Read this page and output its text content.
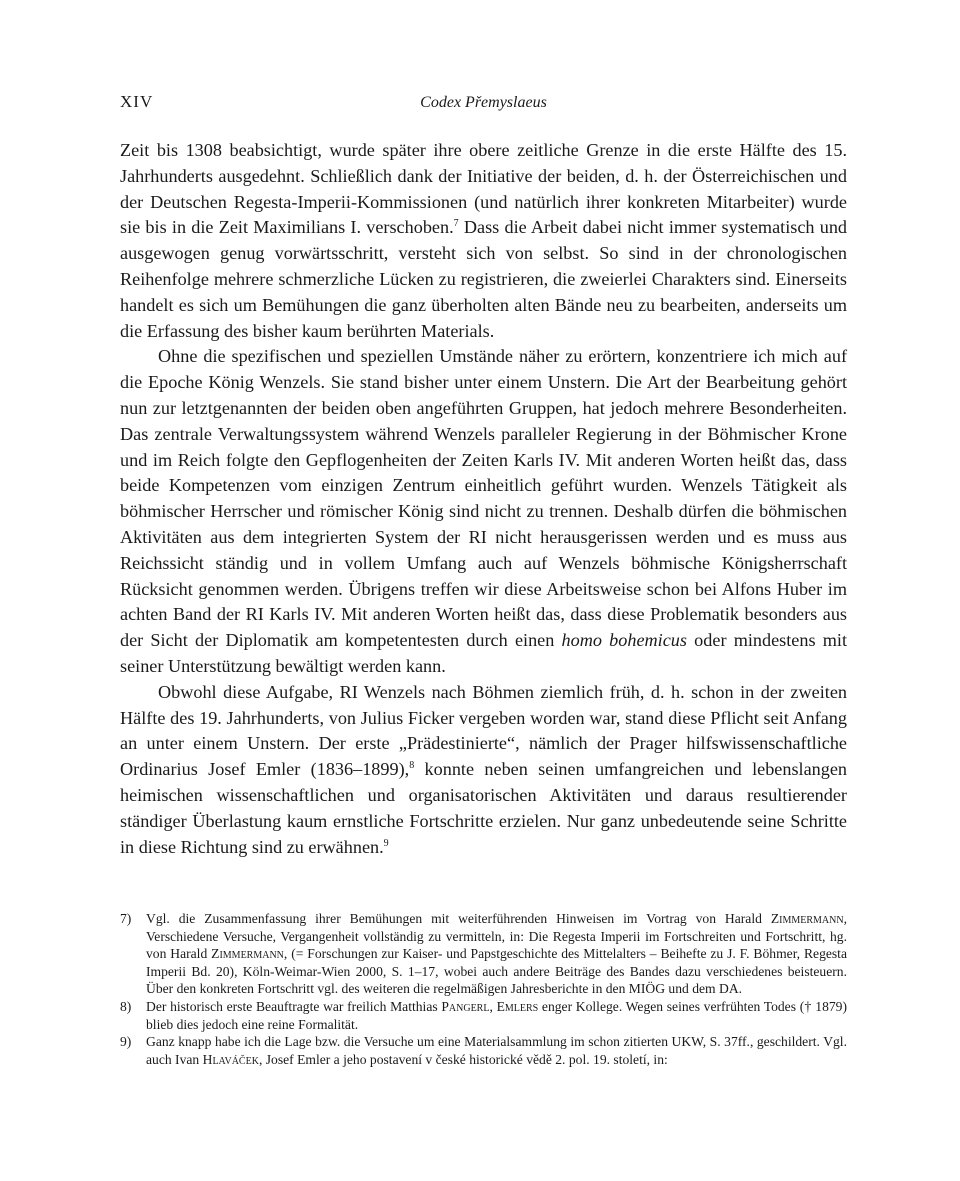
XIV	Codex Přemyslaeus

Zeit bis 1308 beabsichtigt, wurde später ihre obere zeitliche Grenze in die erste Hälfte des 15. Jahrhunderts ausgedehnt. Schließlich dank der Initiative der beiden, d. h. der Österreichischen und der Deutschen Regesta-Imperii-Kommissionen (und natürlich ihrer konkreten Mitarbeiter) wurde sie bis in die Zeit Maximilians I. verschoben.$^7$ Dass die Arbeit dabei nicht immer systematisch und ausgewogen genug vorwärtsschritt, versteht sich von selbst. So sind in der chronologischen Reihenfolge mehrere schmerzliche Lücken zu registrieren, die zweierlei Charakters sind. Einerseits handelt es sich um Bemühungen die ganz überholten alten Bände neu zu bearbeiten, anderseits um die Erfassung des bisher kaum berührten Materials.

Ohne die spezifischen und speziellen Umstände näher zu erörtern, konzentriere ich mich auf die Epoche König Wenzels. Sie stand bisher unter einem Unstern. Die Art der Bearbeitung gehört nun zur letztgenannten der beiden oben angeführten Gruppen, hat jedoch mehrere Besonderheiten. Das zentrale Verwaltungssystem während Wenzels paralleler Regierung in der Böhmischer Krone und im Reich folgte den Gepflogenheiten der Zeiten Karls IV. Mit anderen Worten heißt das, dass beide Kompetenzen vom einzigen Zentrum einheitlich geführt wurden. Wenzels Tätigkeit als böhmischer Herrscher und römischer König sind nicht zu trennen. Deshalb dürfen die böhmischen Aktivitäten aus dem integrierten System der RI nicht herausgerissen werden und es muss aus Reichssicht ständig und in vollem Umfang auch auf Wenzels böhmische Königsherrschaft Rücksicht genommen werden. Übrigens treffen wir diese Arbeitsweise schon bei Alfons Huber im achten Band der RI Karls IV. Mit anderen Worten heißt das, dass diese Problematik besonders aus der Sicht der Diplomatik am kompetentesten durch einen homo bohemicus oder mindestens mit seiner Unterstützung bewältigt werden kann.

Obwohl diese Aufgabe, RI Wenzels nach Böhmen ziemlich früh, d. h. schon in der zweiten Hälfte des 19. Jahrhunderts, von Julius Ficker vergeben worden war, stand diese Pflicht seit Anfang an unter einem Unstern. Der erste „Prädestinierte“, nämlich der Prager hilfswissenschaftliche Ordinarius Josef Emler (1836–1899),$^8$ konnte neben seinen umfangreichen und lebenslangen heimischen wissenschaftlichen und organisatorischen Aktivitäten und daraus resultierender ständiger Überlastung kaum ernstliche Fortschritte erzielen. Nur ganz unbedeutende seine Schritte in diese Richtung sind zu erwähnen.$^9$

7) Vgl. die Zusammenfassung ihrer Bemühungen mit weiterführenden Hinweisen im Vortrag von Harald Zimmermann, Verschiedene Versuche, Vergangenheit vollständig zu vermitteln, in: Die Regesta Imperii im Fortschreiten und Fortschritt, hg. von Harald Zimmermann, (= Forschungen zur Kaiser- und Papstgeschichte des Mittelalters – Beihefte zu J. F. Böhmer, Regesta Imperii Bd. 20), Köln-Weimar-Wien 2000, S. 1–17, wobei auch andere Beiträge des Bandes dazu verschiedenes beisteuern. Über den konkreten Fortschritt vgl. des weiteren die regelmäßigen Jahresberichte in den MIÖG und dem DA.

8) Der historisch erste Beauftragte war freilich Matthias Pangerl, Emlers enger Kollege. Wegen seines verfrühten Todes († 1879) blieb dies jedoch eine reine Formalität.

9) Ganz knapp habe ich die Lage bzw. die Versuche um eine Materialsammlung im schon zitierten UKW, S. 37ff., geschildert. Vgl. auch Ivan Hlaváček, Josef Emler a jeho postavení v české historické vědě 2. pol. 19. století, in:
